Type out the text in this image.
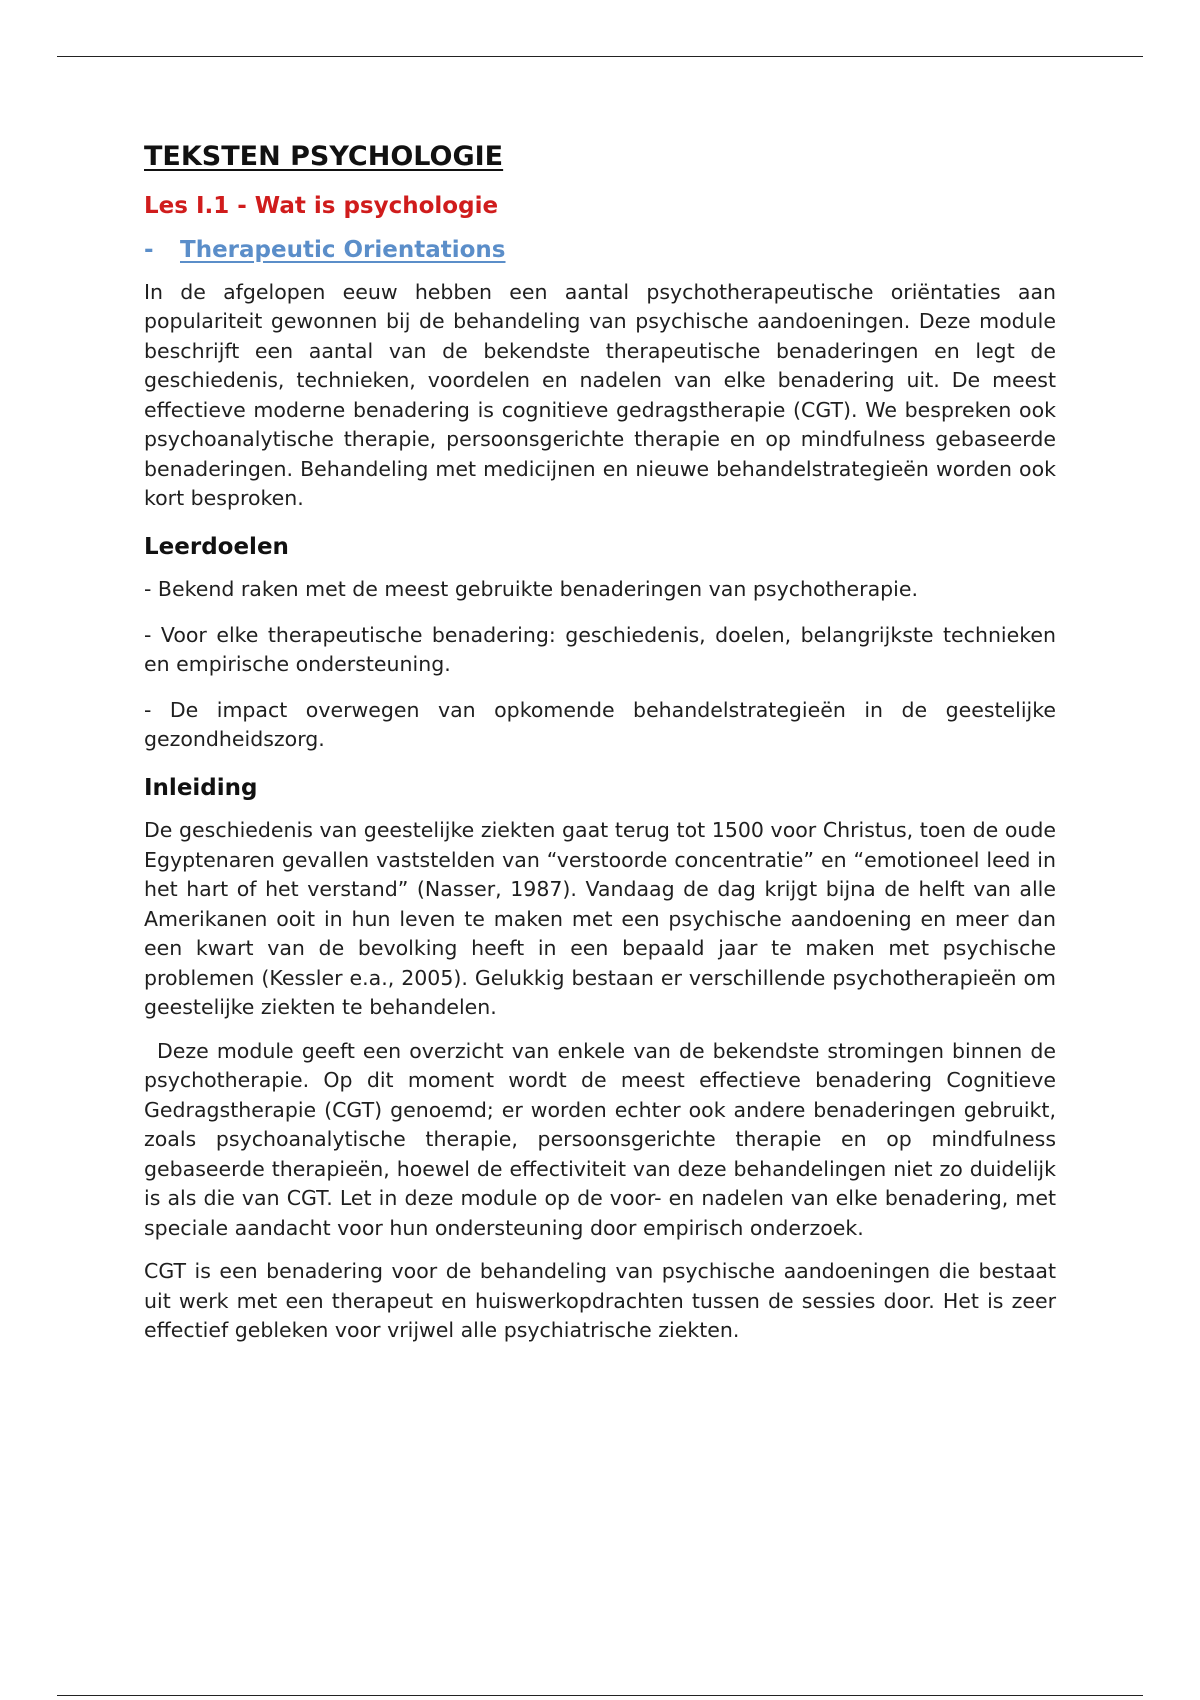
TEKSTEN PSYCHOLOGIE
Les I.1 - Wat is psychologie
-	Therapeutic Orientations

In de afgelopen eeuw hebben een aantal psychotherapeutische oriëntaties aan populariteit gewonnen bij de behandeling van psychische aandoeningen. Deze module beschrijft een aantal van de bekendste therapeutische benaderingen en legt de geschiedenis, technieken, voordelen en nadelen van elke benadering uit. De meest effectieve moderne benadering is cognitieve gedragstherapie (CGT). We bespreken ook psychoanalytische therapie, persoonsgerichte therapie en op mindfulness gebaseerde benaderingen. Behandeling met medicijnen en nieuwe behandelstrategieën worden ook kort besproken.

Leerdoelen

- Bekend raken met de meest gebruikte benaderingen van psychotherapie.

- Voor elke therapeutische benadering: geschiedenis, doelen, belangrijkste technieken en empirische ondersteuning.

- De impact overwegen van opkomende behandelstrategieën in de geestelijke gezondheidszorg.

Inleiding

De geschiedenis van geestelijke ziekten gaat terug tot 1500 voor Christus, toen de oude Egyptenaren gevallen vaststelden van “verstoorde concentratie” en “emotioneel leed in het hart of het verstand” (Nasser, 1987). Vandaag de dag krijgt bijna de helft van alle Amerikanen ooit in hun leven te maken met een psychische aandoening en meer dan een kwart van de bevolking heeft in een bepaald jaar te maken met psychische problemen (Kessler e.a., 2005). Gelukkig bestaan er verschillende psychotherapieën om geestelijke ziekten te behandelen.

Deze module geeft een overzicht van enkele van de bekendste stromingen binnen de psychotherapie. Op dit moment wordt de meest effectieve benadering Cognitieve Gedragstherapie (CGT) genoemd; er worden echter ook andere benaderingen gebruikt, zoals psychoanalytische therapie, persoonsgerichte therapie en op mindfulness gebaseerde therapieën, hoewel de effectiviteit van deze behandelingen niet zo duidelijk is als die van CGT. Let in deze module op de voor- en nadelen van elke benadering, met speciale aandacht voor hun ondersteuning door empirisch onderzoek.

CGT is een benadering voor de behandeling van psychische aandoeningen die bestaat uit werk met een therapeut en huiswerkopdrachten tussen de sessies door. Het is zeer effectief gebleken voor vrijwel alle psychiatrische ziekten.
